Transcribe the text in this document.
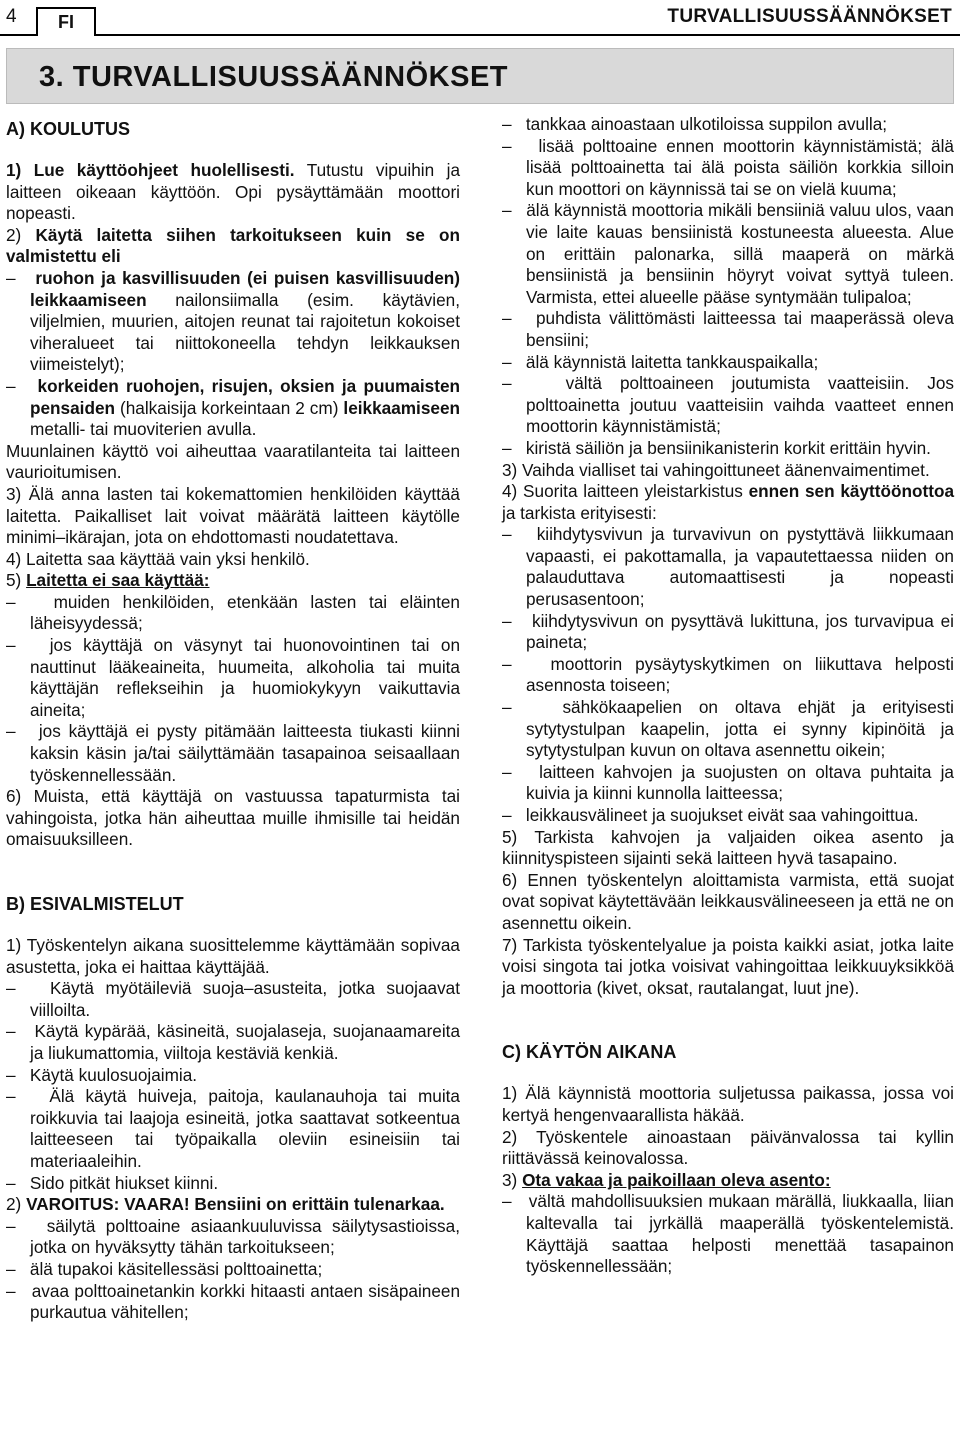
4	FI	TURVALLISUUSSÄÄNNÖKSET
3. TURVALLISUUSSÄÄNNÖKSET

A) KOULUTUS

1) Lue käyttöohjeet huolellisesti. Tutustu vipuihin ja laitteen oikeaan käyttöön. Opi pysäyttämään moottori nopeasti.

2) Käytä laitetta siihen tarkoitukseen kuin se on valmistettu eli

–   ruohon ja kasvillisuuden (ei puisen kasvillisuuden) leikkaamiseen nailonsiimalla (esim. käytävien, viljelmien, muurien, aitojen reunat tai rajoitetun kokoiset viheralueet tai niittokoneella tehdyn leikkauksen viimeistelyt);

–   korkeiden ruohojen, risujen, oksien ja puumaisten pensaiden (halkaisija korkeintaan 2 cm) leikkaamiseen metalli- tai muoviterien avulla.

Muunlainen käyttö voi aiheuttaa vaaratilanteita tai laitteen vaurioitumisen.

3) Älä anna lasten tai kokemattomien henkilöiden käyttää laitetta. Paikalliset lait voivat määrätä laitteen käytölle minimi–ikärajan, jota on ehdottomasti noudatettava.

4) Laitetta saa käyttää vain yksi henkilö.

5) Laitetta ei saa käyttää:

–   muiden henkilöiden, etenkään lasten tai eläinten läheisyydessä;

–   jos käyttäjä on väsynyt tai huonovointinen tai on nauttinut lääkeaineita, huumeita, alkoholia tai muita käyttäjän reflekseihin ja huomiokykyyn vaikuttavia aineita;

–   jos käyttäjä ei pysty pitämään laitteesta tiukasti kiinni kaksin käsin ja/tai säilyttämään tasapainoa seisaallaan työskennellessään.

6) Muista, että käyttäjä on vastuussa tapaturmista tai vahingoista, jotka hän aiheuttaa muille ihmisille tai heidän omaisuuksilleen.

B) ESIVALMISTELUT

1) Työskentelyn aikana suosittelemme käyttämään sopivaa asustetta, joka ei haittaa käyttäjää.

–   Käytä myötäileviä suoja–asusteita, jotka suojaavat viilloilta.

–   Käytä kypärää, käsineitä, suojalaseja, suojanaamareita ja liukumattomia, viiltoja kestäviä kenkiä.

–   Käytä kuulosuojaimia.

–   Älä käytä huiveja, paitoja, kaulanauhoja tai muita roikkuvia tai laajoja esineitä, jotka saattavat sotkeentua laitteeseen tai työpaikalla oleviin esineisiin tai materiaaleihin.

–   Sido pitkät hiukset kiinni.

2) VAROITUS: VAARA! Bensiini on erittäin tulenarkaa.

–   säilytä polttoaine asiaankuuluvissa säilytysastioissa, jotka on hyväksytty tähän tarkoitukseen;

–   älä tupakoi käsitellessäsi polttoainetta;

–   avaa polttoainetankin korkki hitaasti antaen sisäpaineen purkautua vähitellen;

–   tankkaa ainoastaan ulkotiloissa suppilon avulla;

–   lisää polttoaine ennen moottorin käynnistämistä; älä lisää polttoainetta tai älä poista säiliön korkkia silloin kun moottori on käynnissä tai se on vielä kuuma;

–   älä käynnistä moottoria mikäli bensiiniä valuu ulos, vaan vie laite kauas bensiinistä kostuneesta alueesta. Alue on erittäin palonarka, sillä maaperä on märkä bensiinistä ja bensiinin höyryt voivat syttyä tuleen. Varmista, ettei alueelle pääse syntymään tulipaloa;

–   puhdista välittömästi laitteessa tai maaperässä oleva bensiini;

–   älä käynnistä laitetta tankkauspaikalla;

–   vältä polttoaineen joutumista vaatteisiin. Jos polttoainetta joutuu vaatteisiin vaihda vaatteet ennen moottorin käynnistämistä;

–   kiristä säiliön ja bensiinikanisterin korkit erittäin hyvin.

3) Vaihda vialliset tai vahingoittuneet äänenvaimentimet.

4) Suorita laitteen yleistarkistus ennen sen käyttöönottoa ja tarkista erityisesti:

–   kiihdytysvivun ja turvavivun on pystyttävä liikkumaan vapaasti, ei pakottamalla, ja vapautettaessa niiden on palauduttava automaattisesti ja nopeasti perusasentoon;

–   kiihdytysvivun on pysyttävä lukittuna, jos turvavipua ei paineta;

–   moottorin pysäytyskytkimen on liikuttava helposti asennosta toiseen;

–   sähkökaapelien on oltava ehjät ja erityisesti sytytystulpan kaapelin, jotta ei synny kipinöitä ja sytytystulpan kuvun on oltava asennettu oikein;

–   laitteen kahvojen ja suojusten on oltava puhtaita ja kuivia ja kiinni kunnolla laitteessa;

–   leikkausvälineet ja suojukset eivät saa vahingoittua.

5) Tarkista kahvojen ja valjaiden oikea asento ja kiinnityspisteen sijainti sekä laitteen hyvä tasapaino.

6) Ennen työskentelyn aloittamista varmista, että suojat ovat sopivat käytettävään leikkausvälineeseen ja että ne on asennettu oikein.

7) Tarkista työskentelyalue ja poista kaikki asiat, jotka laite voisi singota tai jotka voisivat vahingoittaa leikkuuyksikköä ja moottoria (kivet, oksat, rautalangat, luut jne).

C) KÄYTÖN AIKANA

1) Älä käynnistä moottoria suljetussa paikassa, jossa voi kertyä hengenvaarallista häkää.

2) Työskentele ainoastaan päivänvalossa tai kyllin riittävässä keinovalossa.

3) Ota vakaa ja paikoillaan oleva asento:

–   vältä mahdollisuuksien mukaan märällä, liukkaalla, liian kaltevalla tai jyrkällä maaperällä työskentelemistä. Käyttäjä saattaa helposti menettää tasapainon työskennellessään;
